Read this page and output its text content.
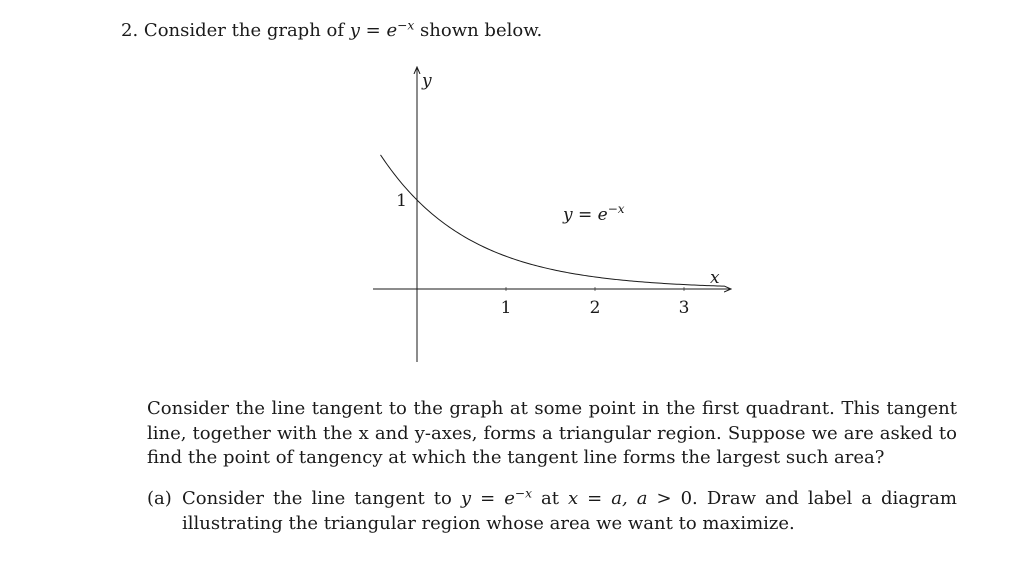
2. Consider the graph of $y = e^{-x}$ shown below.
y
x
1	2	3
1
$y = e^{-x}$
Consider the line tangent to the graph at some point in the first quadrant. This tangent line, together with the x and y-axes, forms a triangular region. Suppose we are asked to find the point of tangency at which the tangent line forms the largest such area?
(a) Consider the line tangent to $y = e^{-x}$ at x = a, a > 0. Draw and label a diagram illustrating the triangular region whose area we want to maximize.
